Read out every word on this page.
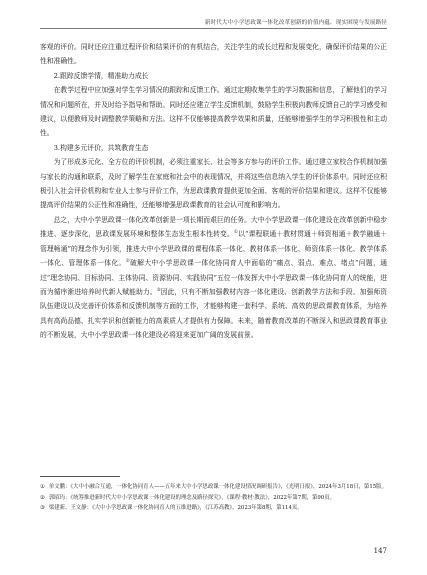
新时代大中小学思政课一体化改革创新的价值内蕴、现实困境与发展路径

客观的评价。同时还应注重过程评价和结果评价的有机结合，关注学生的成长过程和发展变化，确保评价结果的公正性和准确性。

2.跟踪反馈学情，精准助力成长

在教学过程中应加强对学生学习情况的跟踪和反馈工作。通过定期收集学生的学习数据和信息，了解他们的学习情况和问题所在，并及时给予指导和帮助。同时还应建立学生反馈机制，鼓励学生积极向教师反馈自己的学习感受和建议，以便教师及时调整教学策略和方法。这样不仅能够提高教学效果和质量，还能够增强学生的学习积极性和主动性。

3.构建多元评价，共筑教育生态

为了形成多元化、全方位的评价机制，必须注重家长、社会等多方参与的评价工作。通过建立家校合作机制加强与家长的沟通和联系，及时了解学生在家庭和社会中的表现情况，并将这些信息纳入学生的评价体系中。同时还应积极引入社会评价机构和专业人士参与评价工作，为思政课教育提供更加全面、客观的评价结果和建议。这样不仅能够提高评价结果的公正性和准确性，还能够增强思政课教育的社会认可度和影响力。

总之，大中小学思政课一体化改革创新是一项长期而艰巨的任务。大中小学思政课一体化建设在改革创新中稳步推进、逐步深化，思政课发展环境和整体生态发生根本性转变。①以“课程联通＋教材贯通＋师资相通＋教学融通＋管理畅通”的理念作为引领，推进大中小学思政课的课程体系一体化、教材体系一体化、师资体系一体化、教学体系一体化、管理体系一体化。②破解大中小学思政课一体化协同育人中面临的“痛点、弱点、难点、堵点”问题，通过“理念协同、目标协同、主体协同、资源协同、实践协同”五位一体发挥大中小学思政课一体化协同育人的统能，进而为循序渐进培养时代新人赋能助力。③因此，只有不断加强教材内容一体化建设、创新教学方法和手段、加强师资队伍建设以及完善评价体系和反馈机制等方面的工作，才能够构建一套科学、系统、高效的思政课教育体系，为培养具有高尚品德、扎实学识和创新能力的高素质人才提供有力保障。未来，随着教育改革的不断深入和思政课教育事业的不断发展，大中小学思政课一体化建设必将迎来更加广阔的发展前景。

① 单文鹏：《大中小融合互通，一体化协同育人——五年来大中小学思政课一体化建设情况调研报告》，《光明日报》，2024年3月18日，第15版。

② 郭昭玙：《统筹推进新时代大中小学思政课一体化建设的理念及路径探究》，《课程·教材·教法》，2022年第7期，第90页。

③ 梁建新、王文静：《大中小学思政课一体化协同育人的五维进路》，《江苏高教》，2023年第8期，第114页。

147
